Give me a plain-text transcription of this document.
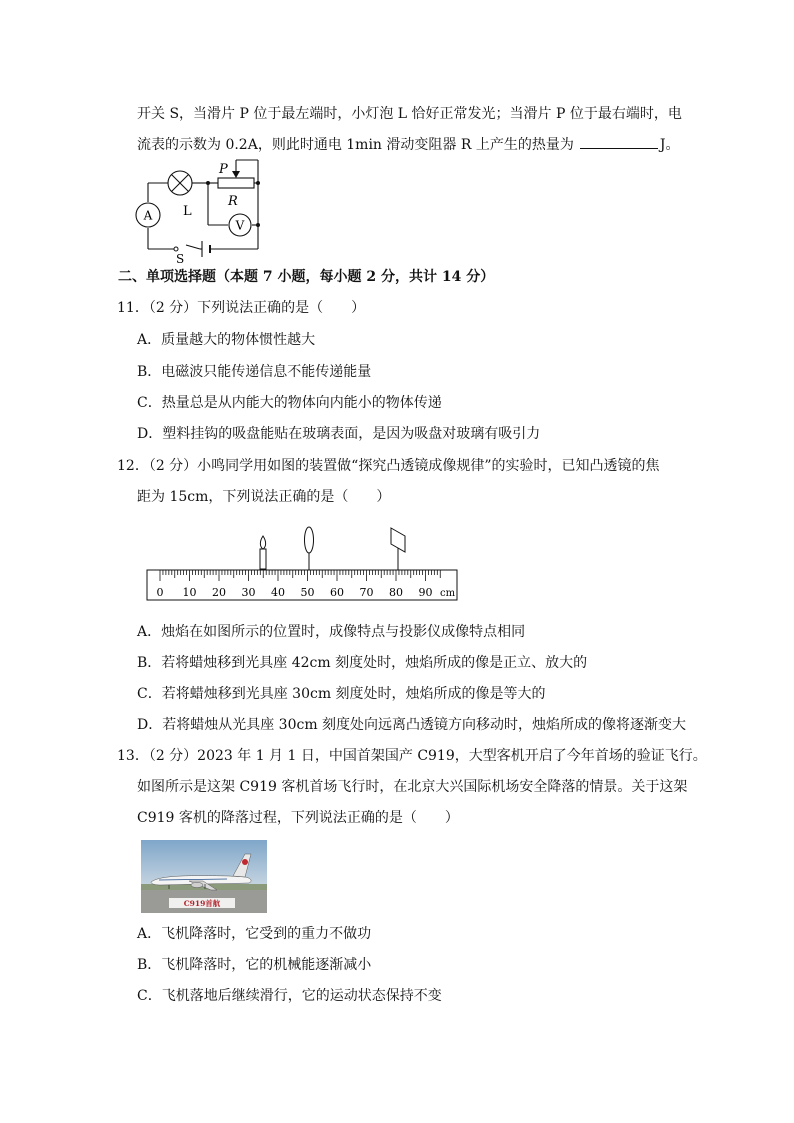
开关 S，当滑片 P 位于最左端时，小灯泡 L 恰好正常发光；当滑片 P 位于最右端时，电
流表的示数为 0.2A，则此时通电 1min 滑动变阻器 R 上产生的热量为	J。
A L
P
R
V
S
二、单项选择题（本题 7 小题，每小题 2 分，共计 14 分）
11．（2 分）下列说法正确的是（　　）
A．质量越大的物体惯性越大
B．电磁波只能传递信息不能传递能量
C．热量总是从内能大的物体向内能小的物体传递
D．塑料挂钩的吸盘能贴在玻璃表面，是因为吸盘对玻璃有吸引力
12．（2 分）小鸣同学用如图的装置做“探究凸透镜成像规律”的实验时，已知凸透镜的焦
距为 15cm，下列说法正确的是（　　）
0 10 20 30 40 50 60 70 80 90 cm
A．烛焰在如图所示的位置时，成像特点与投影仪成像特点相同
B．若将蜡烛移到光具座 42cm 刻度处时，烛焰所成的像是正立、放大的
C．若将蜡烛移到光具座 30cm 刻度处时，烛焰所成的像是等大的
D．若将蜡烛从光具座 30cm 刻度处向远离凸透镜方向移动时，烛焰所成的像将逐渐变大
13．（2 分）2023 年 1 月 1 日，中国首架国产 C919，大型客机开启了今年首场的验证飞行。
如图所示是这架 C919 客机首场飞行时，在北京大兴国际机场安全降落的情景。关于这架
C919 客机的降落过程，下列说法正确的是（　　）
C919首航
A．飞机降落时，它受到的重力不做功
B．飞机降落时，它的机械能逐渐减小
C．飞机落地后继续滑行，它的运动状态保持不变
